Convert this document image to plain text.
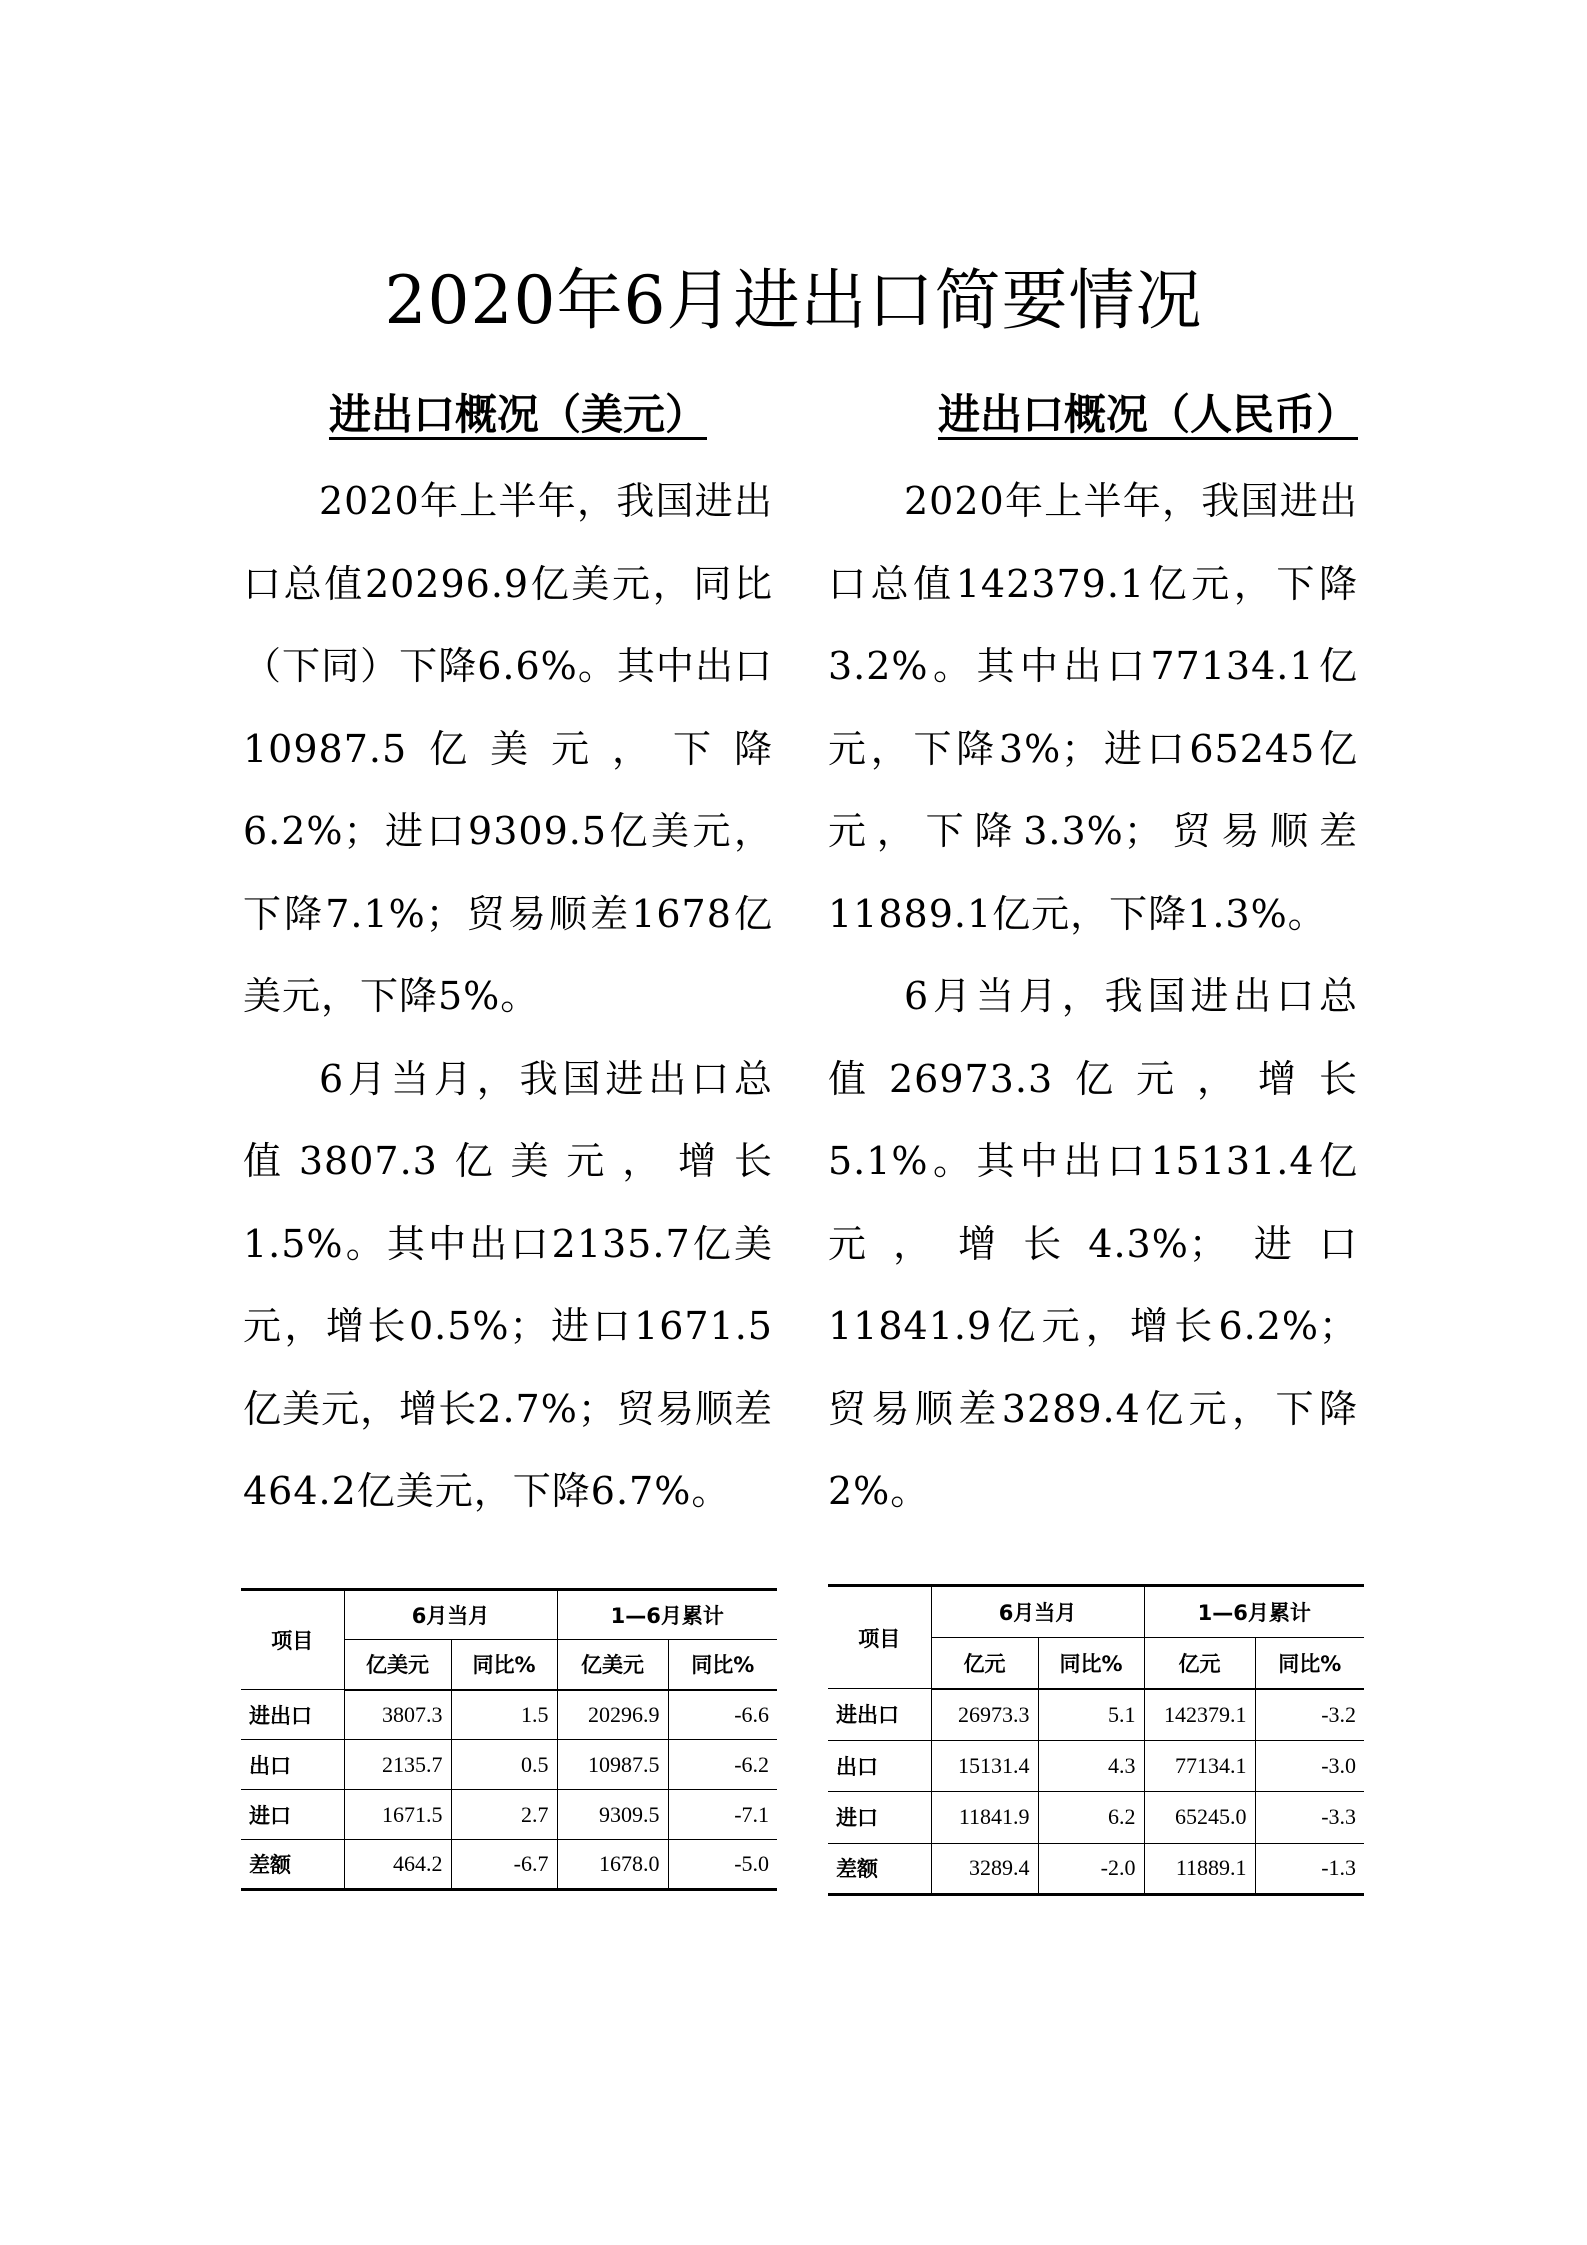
2020年6月进出口简要情况
进出口概况（美元）

2020年上半年，我国进出口总值20296.9亿美元，同比（下同）下降6.6%。其中出口10987.5亿美元，下降6.2%；进口9309.5亿美元，下降7.1%；贸易顺差1678亿美元，下降5%。

6月当月，我国进出口总值3807.3亿美元，增长1.5%。其中出口2135.7亿美元，增长0.5%；进口1671.5亿美元，增长2.7%；贸易顺差464.2亿美元，下降6.7%。

进出口概况（人民币）

2020年上半年，我国进出口总值142379.1亿元，下降3.2%。其中出口77134.1亿元，下降3%；进口65245亿元，下降3.3%；贸易顺差11889.1亿元，下降1.3%。

6月当月，我国进出口总值26973.3亿元，增长5.1%。其中出口15131.4亿元，增长4.3%；进口11841.9亿元，增长6.2%；贸易顺差3289.4亿元，下降2%。

项目	6月当月		1—6月累计	
	亿美元	同比%	亿美元	同比%
进出口	3807.3	1.5	20296.9	-6.6
出口	2135.7	0.5	10987.5	-6.2
进口	1671.5	2.7	9309.5	-7.1
差额	464.2	-6.7	1678.0	-5.0
项目	6月当月		1—6月累计	
	亿元	同比%	亿元	同比%
进出口	26973.3	5.1	142379.1	-3.2
出口	15131.4	4.3	77134.1	-3.0
进口	11841.9	6.2	65245.0	-3.3
差额	3289.4	-2.0	11889.1	-1.3
